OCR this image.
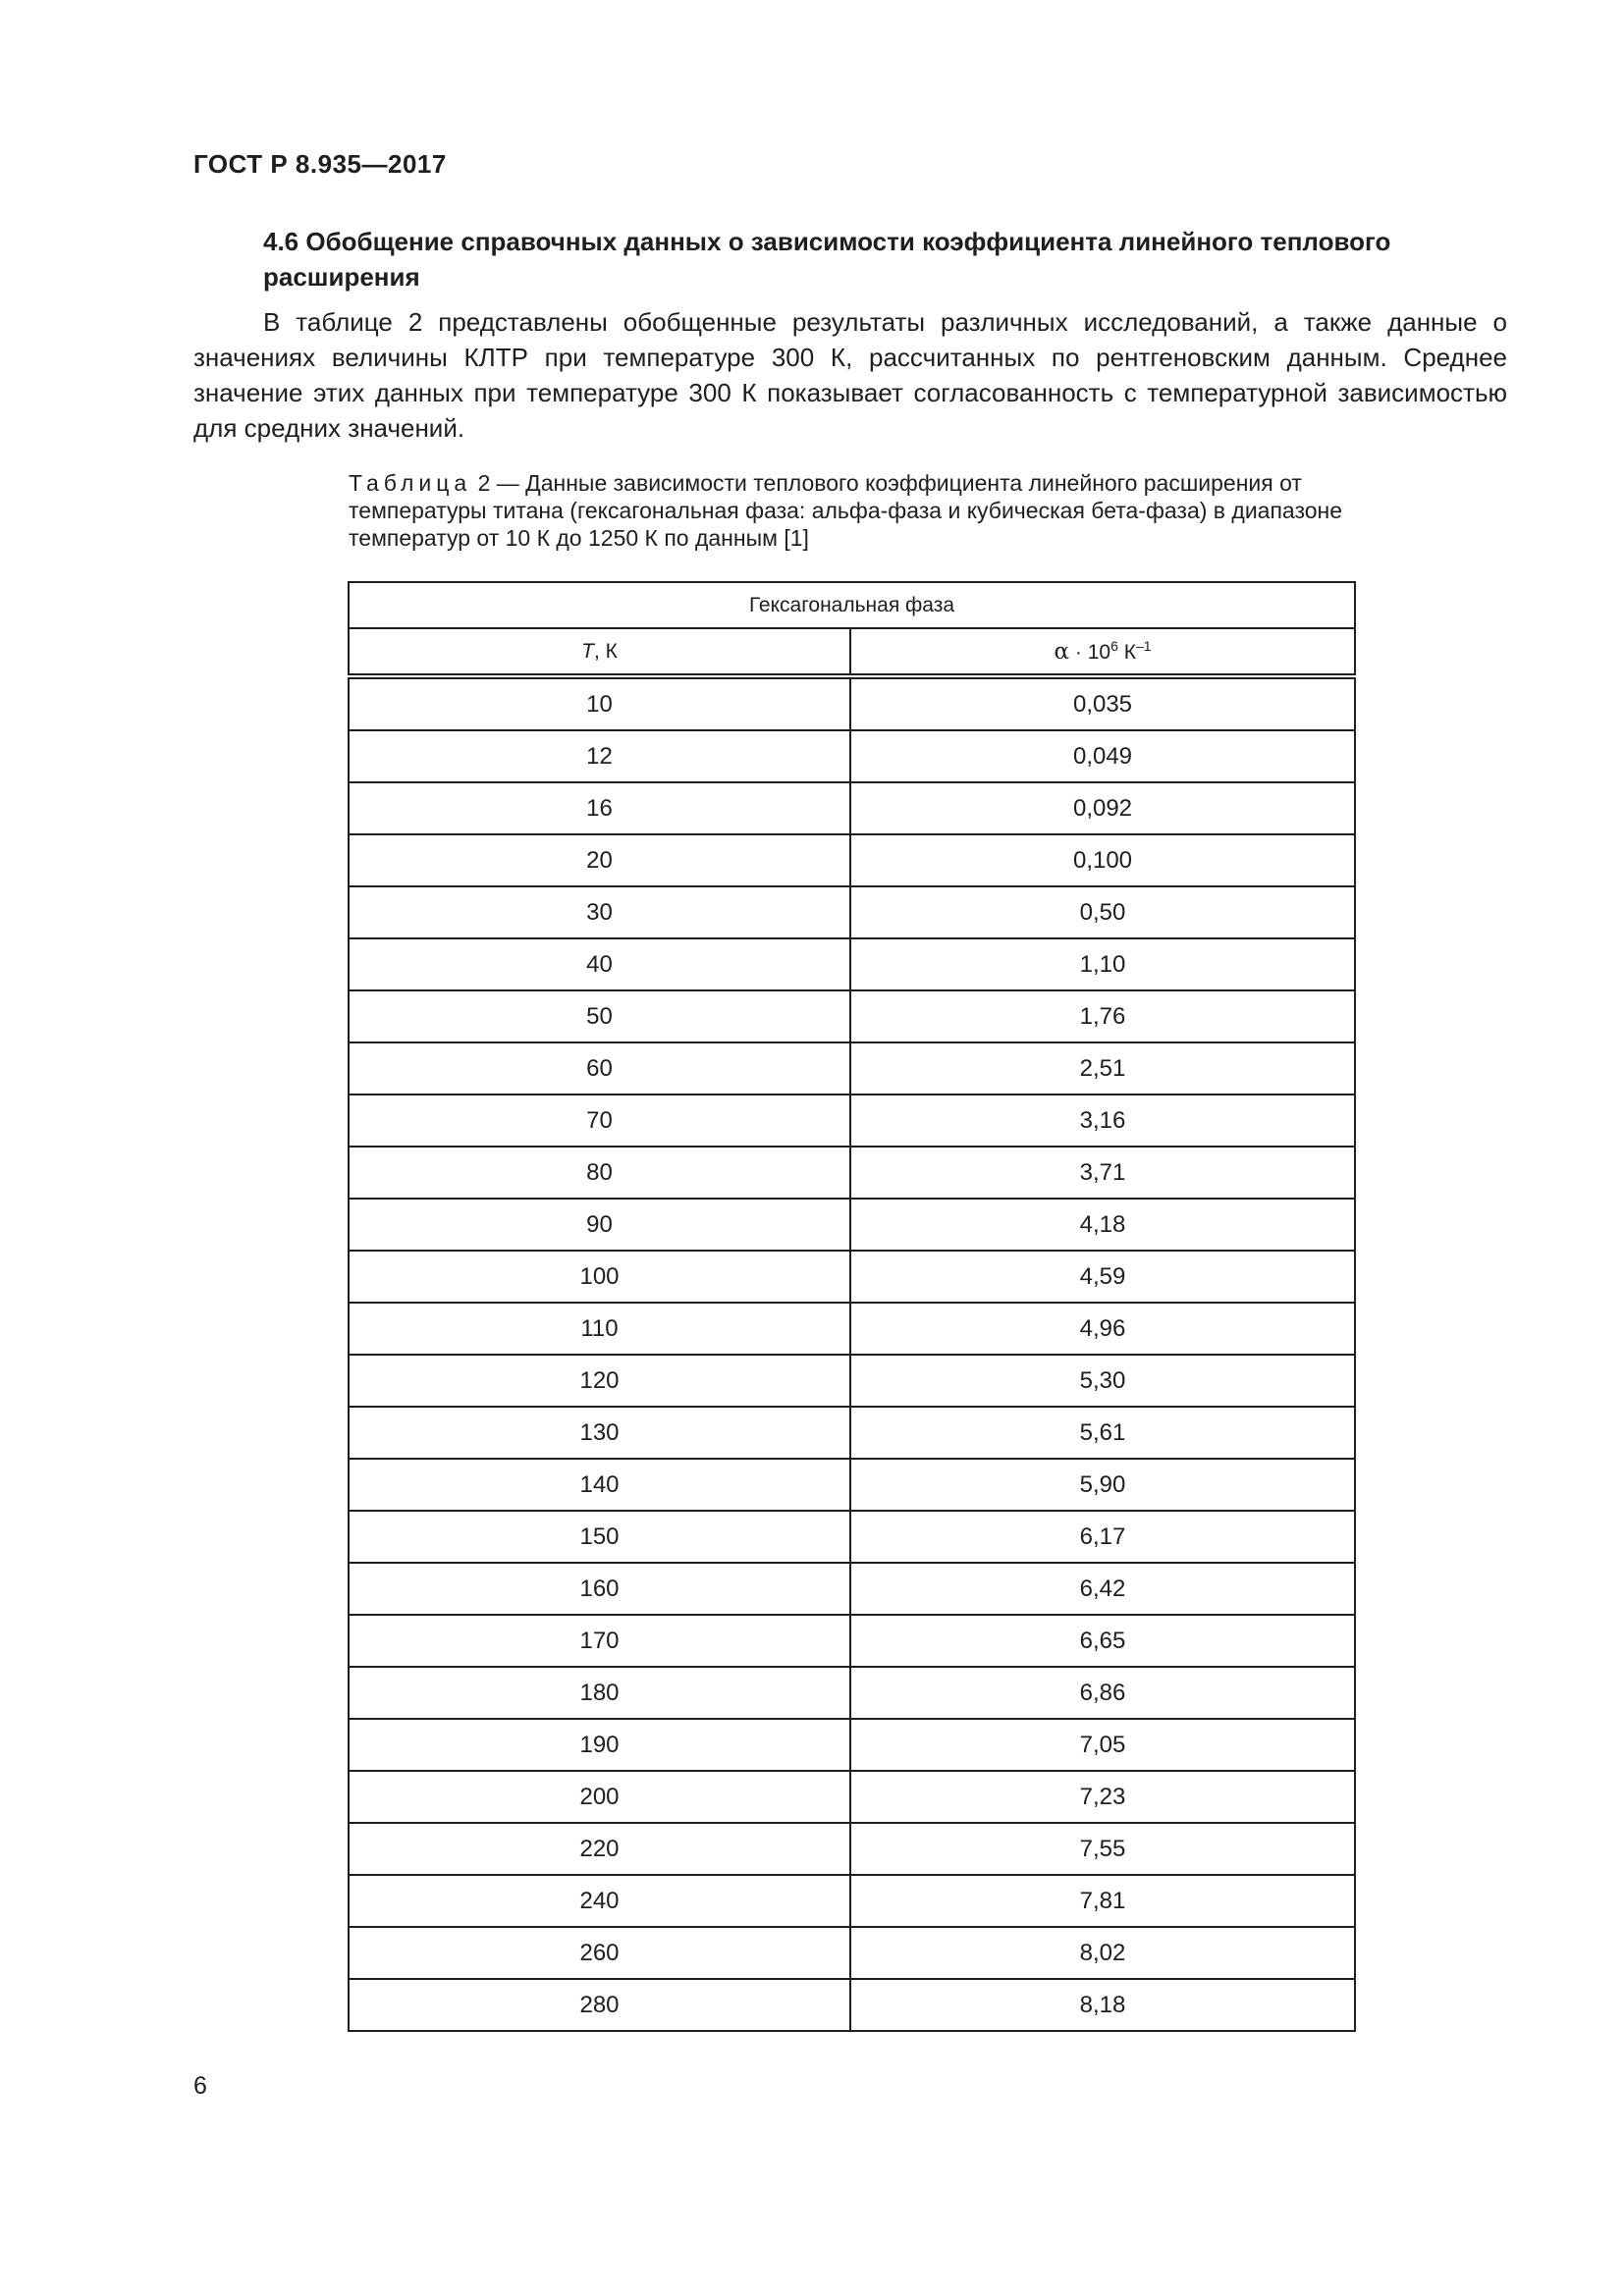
ГОСТ Р 8.935—2017
4.6 Обобщение справочных данных о зависимости коэффициента линейного теплового расширения

В таблице 2 представлены обобщенные результаты различных исследований, а также данные о значениях величины КЛТР при температуре 300 К, рассчитанных по рентгеновским данным. Среднее значение этих данных при температуре 300 К показывает согласованность с температурной зависимостью для средних значений.

Таблица 2 — Данные зависимости теплового коэффициента линейного расширения от температуры титана (гексагональная фаза: альфа-фаза и кубическая бета-фаза) в диапазоне температур от 10 К до 1250 К по данным [1]
Гексагональная фаза	
T, К	$\alpha \cdot 10^6$ $К^{-1}$
10	0,035
12	0,049
16	0,092
20	0,100
30	0,50
40	1,10
50	1,76
60	2,51
70	3,16
80	3,71
90	4,18
100	4,59
110	4,96
120	5,30
130	5,61
140	5,90
150	6,17
160	6,42
170	6,65
180	6,86
190	7,05
200	7,23
220	7,55
240	7,81
260	8,02
280	8,18
6
